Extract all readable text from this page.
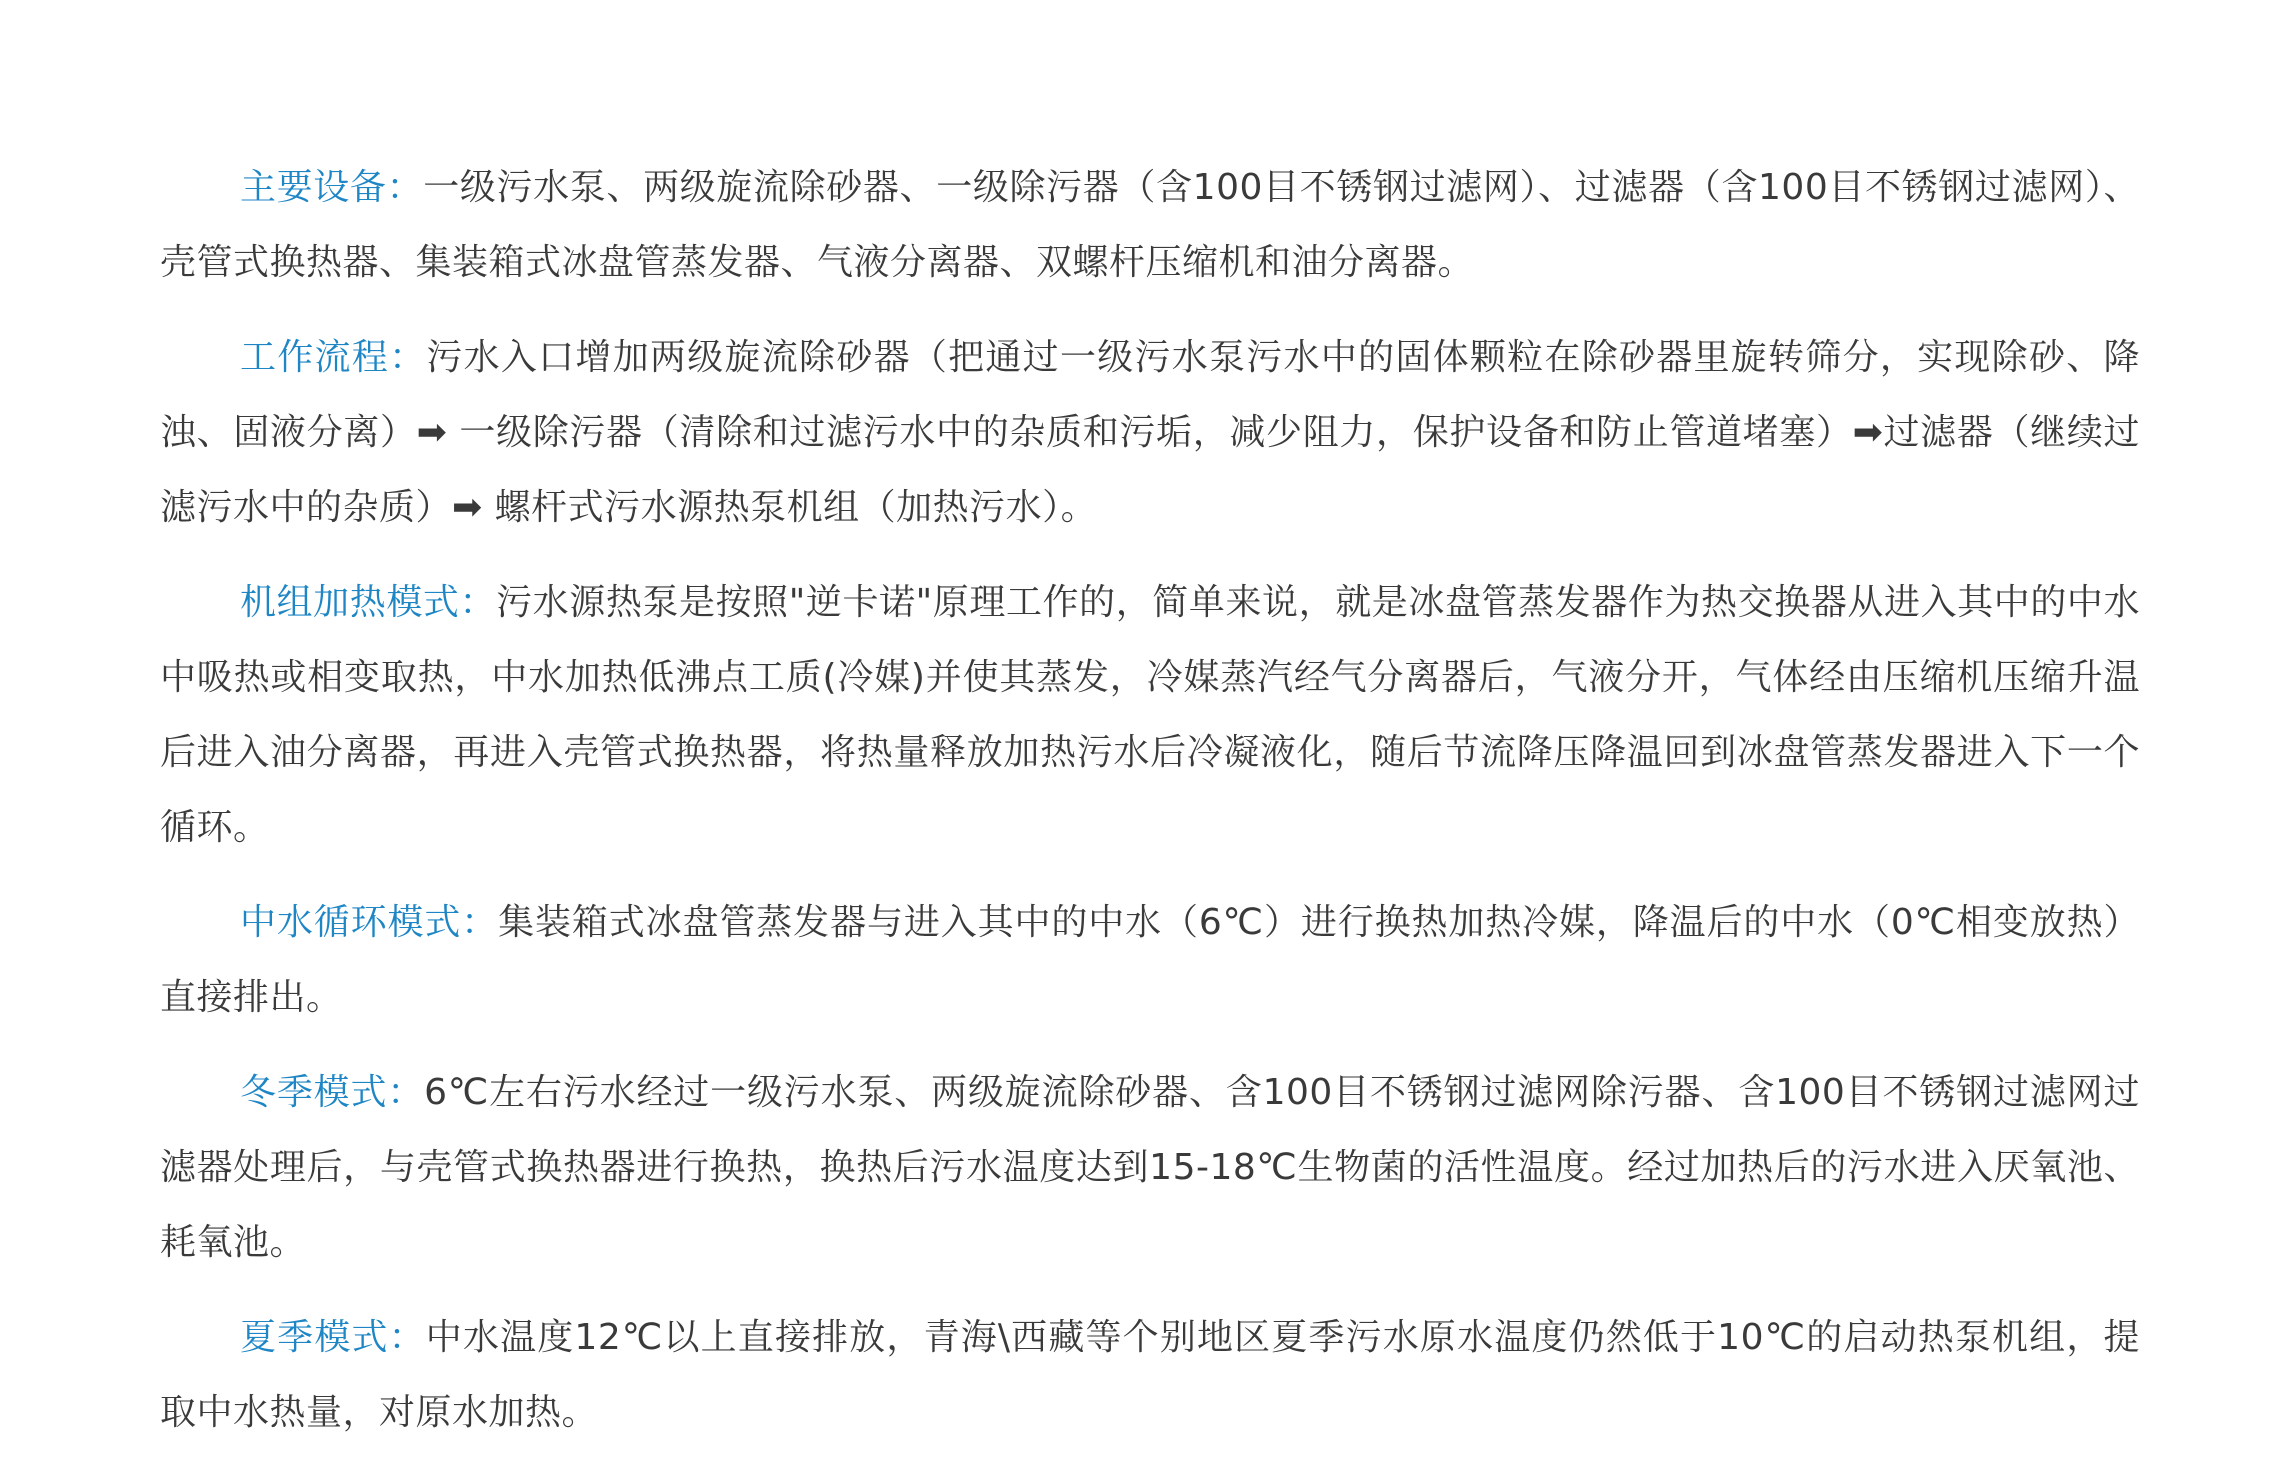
主要设备：一级污水泵、两级旋流除砂器、一级除污器（含100目不锈钢过滤网）、过滤器（含100目不锈钢过滤网）、壳管式换热器、集装箱式冰盘管蒸发器、气液分离器、双螺杆压缩机和油分离器。

工作流程：污水入口增加两级旋流除砂器（把通过一级污水泵污水中的固体颗粒在除砂器里旋转筛分，实现除砂、降浊、固液分离）➡ 一级除污器（清除和过滤污水中的杂质和污垢，减少阻力，保护设备和防止管道堵塞）➡过滤器（继续过滤污水中的杂质）➡ 螺杆式污水源热泵机组（加热污水）。

机组加热模式：污水源热泵是按照"逆卡诺"原理工作的，简单来说，就是冰盘管蒸发器作为热交换器从进入其中的中水中吸热或相变取热，中水加热低沸点工质(冷媒)并使其蒸发，冷媒蒸汽经气分离器后，气液分开，气体经由压缩机压缩升温后进入油分离器，再进入壳管式换热器，将热量释放加热污水后冷凝液化，随后节流降压降温回到冰盘管蒸发器进入下一个循环。

中水循环模式：集装箱式冰盘管蒸发器与进入其中的中水（6℃）进行换热加热冷媒，降温后的中水（0℃相变放热）直接排出。

冬季模式：6℃左右污水经过一级污水泵、两级旋流除砂器、含100目不锈钢过滤网除污器、含100目不锈钢过滤网过滤器处理后，与壳管式换热器进行换热，换热后污水温度达到15-18℃生物菌的活性温度。经过加热后的污水进入厌氧池、耗氧池。

夏季模式：中水温度12℃以上直接排放，青海\西藏等个别地区夏季污水原水温度仍然低于10℃的启动热泵机组，提取中水热量，对原水加热。
